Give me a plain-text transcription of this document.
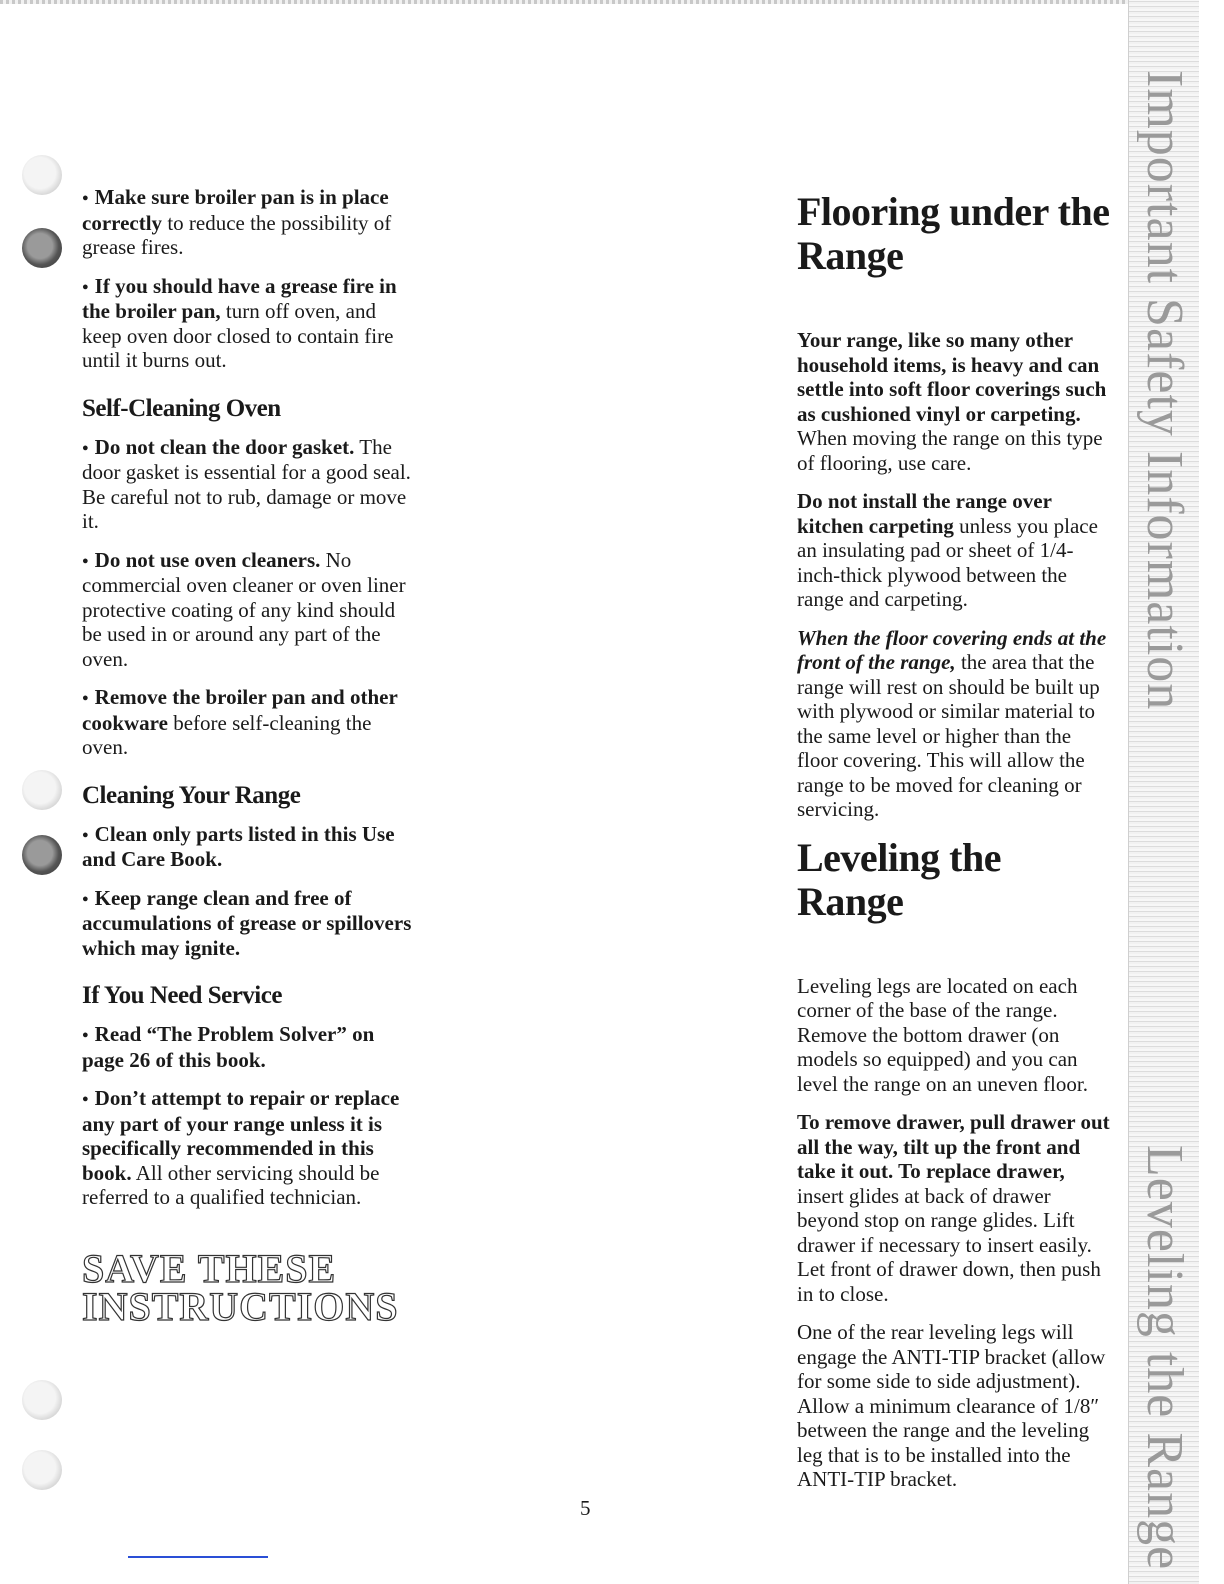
● Make sure broiler pan is in place correctly to reduce the possibility of grease fires.

● If you should have a grease fire in the broiler pan, turn off oven, and keep oven door closed to contain fire until it burns out.

Self-Cleaning Oven

● Do not clean the door gasket. The door gasket is essential for a good seal. Be careful not to rub, damage or move it.

● Do not use oven cleaners. No commercial oven cleaner or oven liner protective coating of any kind should be used in or around any part of the oven.

● Remove the broiler pan and other cookware before self-cleaning the oven.

Cleaning Your Range

● Clean only parts listed in this Use and Care Book.

● Keep range clean and free of accumulations of grease or spillovers which may ignite.

If You Need Service

● Read “The Problem Solver” on page 26 of this book.

● Don’t attempt to repair or replace any part of your range unless it is specifically recommended in this book. All other servicing should be referred to a qualified technician.

SAVE THESE
INSTRUCTIONS
Flooring under the Range

Your range, like so many other household items, is heavy and can settle into soft floor coverings such as cushioned vinyl or carpeting. When moving the range on this type of flooring, use care.

Do not install the range over kitchen carpeting unless you place an insulating pad or sheet of 1/4-inch-thick plywood between the range and carpeting.

When the floor covering ends at the front of the range, the area that the range will rest on should be built up with plywood or similar material to the same level or higher than the floor covering. This will allow the range to be moved for cleaning or servicing.

Leveling the Range

Leveling legs are located on each corner of the base of the range. Remove the bottom drawer (on models so equipped) and you can level the range on an uneven floor.

To remove drawer, pull drawer out all the way, tilt up the front and take it out. To replace drawer, insert glides at back of drawer beyond stop on range glides. Lift drawer if necessary to insert easily. Let front of drawer down, then push in to close.

One of the rear leveling legs will engage the ANTI-TIP bracket (allow for some side to side adjustment). Allow a minimum clearance of 1/8″ between the range and the leveling leg that is to be installed into the ANTI-TIP bracket.

Important Safety Information
Leveling the Range
5
